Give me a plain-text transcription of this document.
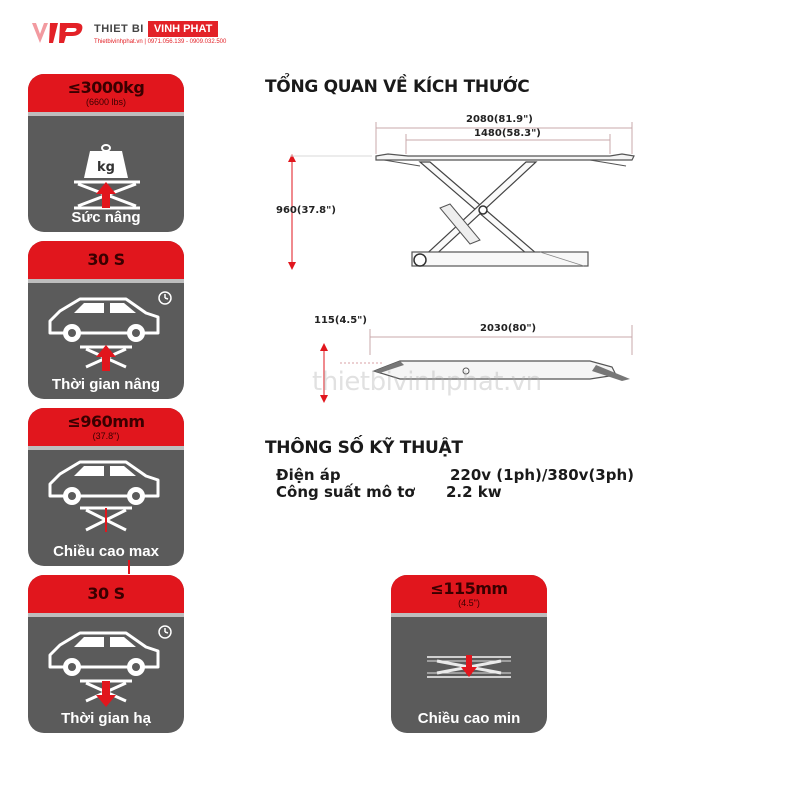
THIET BI VINH PHAT
Thietbivinhphat.vn | 0971.056.139 - 0909.032.500
≤3000kg
(6600 lbs)
kg
Sức nâng
30 S
Thời gian nâng
≤960mm
(37.8")
Chiều cao max
30 S
Thời gian hạ
≤115mm
(4.5")
Chiều cao min
TỔNG QUAN VỀ KÍCH THƯỚC
2080(81.9")
1480(58.3")
960(37.8")
115(4.5")
2030(80")
thietbivinhphat.vn
THÔNG SỐ KỸ THUẬT
Điện áp	220v (1ph)/380v(3ph)
Công suất mô tơ 2.2 kw
